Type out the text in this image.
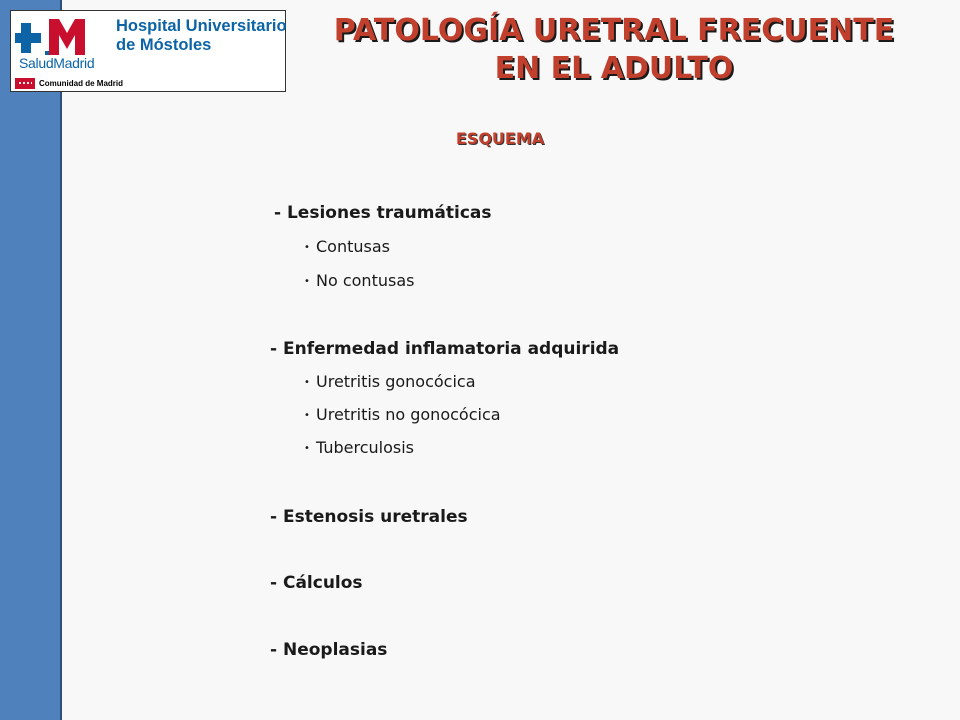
Hospital Universitario
de Móstoles
SaludMadrid
Comunidad de Madrid
PATOLOGÍA URETRAL FRECUENTE
EN EL ADULTO
ESQUEMA
- Lesiones traumáticas
• Contusas
• No contusas
- Enfermedad inflamatoria adquirida
• Uretritis gonocócica
• Uretritis no gonocócica
• Tuberculosis
- Estenosis uretrales
- Cálculos
- Neoplasias
